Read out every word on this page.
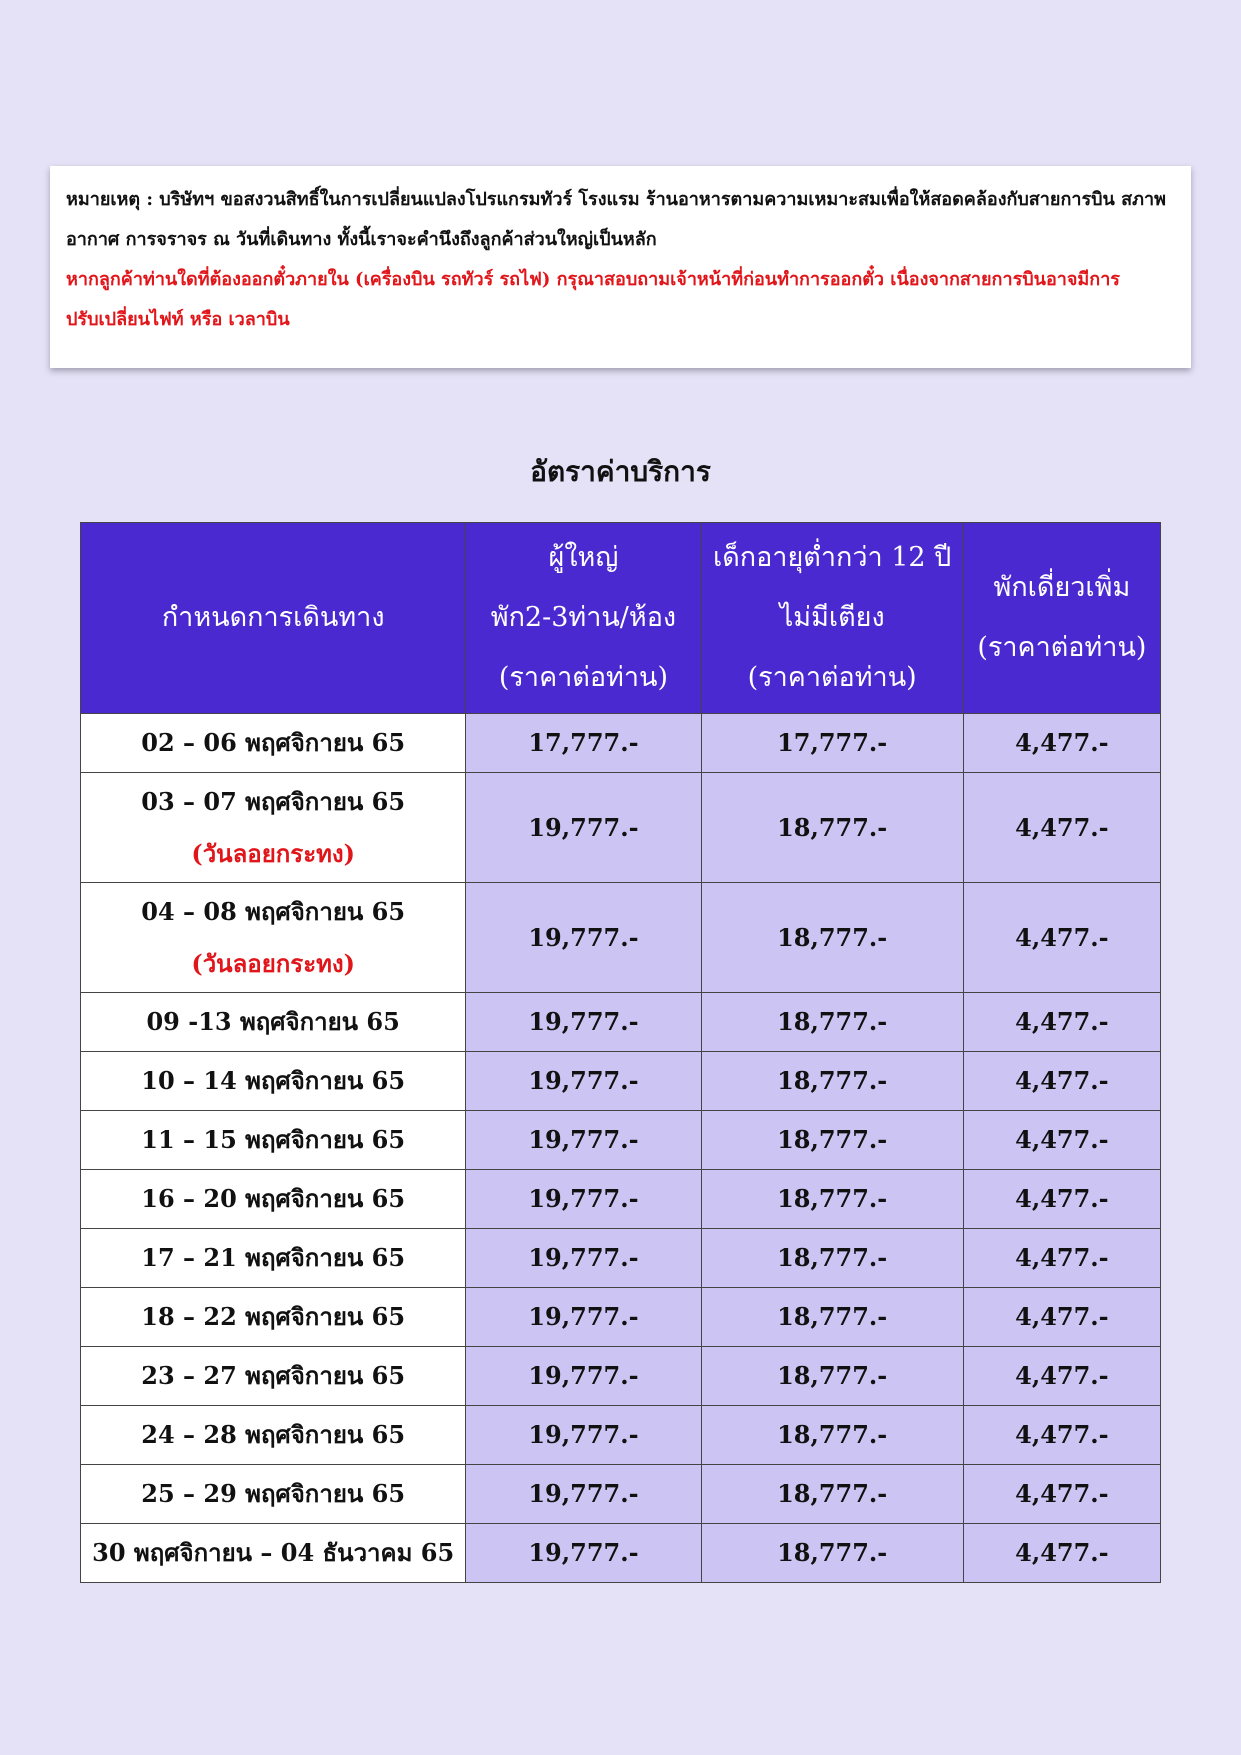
หมายเหตุ : บริษัทฯ ขอสงวนสิทธิ์ในการเปลี่ยนแปลงโปรแกรมทัวร์ โรงแรม ร้านอาหารตามความเหมาะสมเพื่อให้สอดคล้องกับสายการบิน สภาพ

อากาศ การจราจร ณ วันที่เดินทาง ทั้งนี้เราจะคำนึงถึงลูกค้าส่วนใหญ่เป็นหลัก

หากลูกค้าท่านใดที่ต้องออกตั๋วภายใน (เครื่องบิน รถทัวร์ รถไฟ) กรุณาสอบถามเจ้าหน้าที่ก่อนทำการออกตั๋ว เนื่องจากสายการบินอาจมีการ

ปรับเปลี่ยนไฟท์ หรือ เวลาบิน

อัตราค่าบริการ
กำหนดการเดินทาง	ผู้ใหญ่
พัก2-3ท่าน/ห้อง
(ราคาต่อท่าน)	เด็กอายุต่ำกว่า 12 ปี
ไม่มีเตียง
(ราคาต่อท่าน)	พักเดี่ยวเพิ่ม
(ราคาต่อท่าน)

02 – 06 พฤศจิกายน 65	17,777.-	17,777.-	4,477.-

03 – 07 พฤศจิกายน 65
(วันลอยกระทง)	19,777.-	18,777.-	4,477.-

04 – 08 พฤศจิกายน 65
(วันลอยกระทง)	19,777.-	18,777.-	4,477.-

09 -13 พฤศจิกายน 65	19,777.-	18,777.-	4,477.-

10 – 14 พฤศจิกายน 65	19,777.-	18,777.-	4,477.-

11 – 15 พฤศจิกายน 65	19,777.-	18,777.-	4,477.-

16 – 20 พฤศจิกายน 65	19,777.-	18,777.-	4,477.-

17 – 21 พฤศจิกายน 65	19,777.-	18,777.-	4,477.-

18 – 22 พฤศจิกายน 65	19,777.-	18,777.-	4,477.-

23 – 27 พฤศจิกายน 65	19,777.-	18,777.-	4,477.-

24 – 28 พฤศจิกายน 65	19,777.-	18,777.-	4,477.-

25 – 29 พฤศจิกายน 65	19,777.-	18,777.-	4,477.-

30 พฤศจิกายน – 04 ธันวาคม 65	19,777.-	18,777.-	4,477.-
